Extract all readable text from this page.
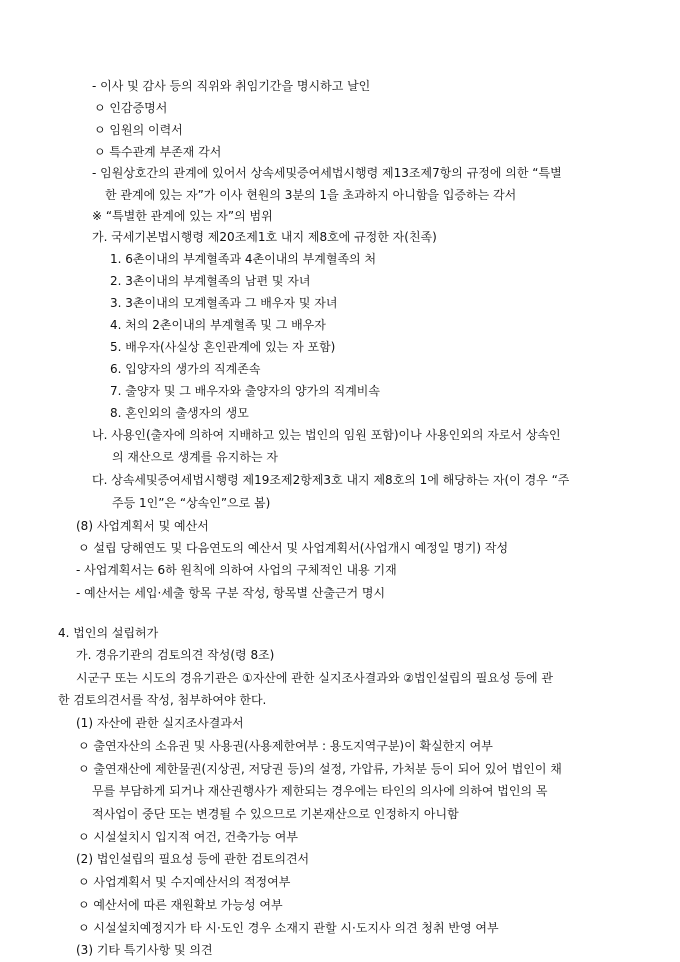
- 이사 및 감사 등의 직위와 취임기간을 명시하고 날인
ㅇ 인감증명서
ㅇ 임원의 이력서
ㅇ 특수관계 부존재 각서
- 임원상호간의 관계에 있어서 상속세및증여세법시행령 제13조제7항의 규정에 의한 “특별
한 관계에 있는 자”가 이사 현원의 3분의 1을 초과하지 아니함을 입증하는 각서
※ “특별한 관계에 있는 자”의 범위
가. 국세기본법시행령 제20조제1호 내지 제8호에 규정한 자(친족)
1. 6촌이내의 부계혈족과 4촌이내의 부계혈족의 처
2. 3촌이내의 부계혈족의 남편 및 자녀
3. 3촌이내의 모계혈족과 그 배우자 및 자녀
4. 처의 2촌이내의 부계혈족 및 그 배우자
5. 배우자(사실상 혼인관계에 있는 자 포함)
6. 입양자의 생가의 직계존속
7. 출양자 및 그 배우자와 출양자의 양가의 직계비속
8. 혼인외의 출생자의 생모
나. 사용인(출자에 의하여 지배하고 있는 법인의 임원 포함)이나 사용인외의 자로서 상속인
의 재산으로 생계를 유지하는 자
다. 상속세및증여세법시행령 제19조제2항제3호 내지 제8호의 1에 해당하는 자(이 경우 “주
주등 1인”은 “상속인”으로 봄)
(8) 사업계획서 및 예산서
ㅇ 설립 당해연도 및 다음연도의 예산서 및 사업계획서(사업개시 예정일 명기) 작성
- 사업계획서는 6하 원칙에 의하여 사업의 구체적인 내용 기재
- 예산서는 세입·세출 항목 구분 작성, 항목별 산출근거 명시
4. 법인의 설립허가
가. 경유기관의 검토의견 작성(령 8조)
시군구 또는 시도의 경유기관은 ①자산에 관한 실지조사결과와 ②법인설립의 필요성 등에 관
한 검토의견서를 작성, 첨부하여야 한다.
(1) 자산에 관한 실지조사결과서
ㅇ 출연자산의 소유권 및 사용권(사용제한여부 : 용도지역구분)이 확실한지 여부
ㅇ 출연재산에 제한물권(지상권, 저당권 등)의 설정, 가압류, 가처분 등이 되어 있어 법인이 채
무를 부담하게 되거나 재산권행사가 제한되는 경우에는 타인의 의사에 의하여 법인의 목
적사업이 중단 또는 변경될 수 있으므로 기본재산으로 인정하지 아니함
ㅇ 시설설치시 입지적 여건, 건축가능 여부
(2) 법인설립의 필요성 등에 관한 검토의견서
ㅇ 사업계획서 및 수지예산서의 적정여부
ㅇ 예산서에 따른 재원확보 가능성 여부
ㅇ 시설설치예정지가 타 시·도인 경우 소재지 관할 시·도지사 의견 청취 반영 여부
(3) 기타 특기사항 및 의견
